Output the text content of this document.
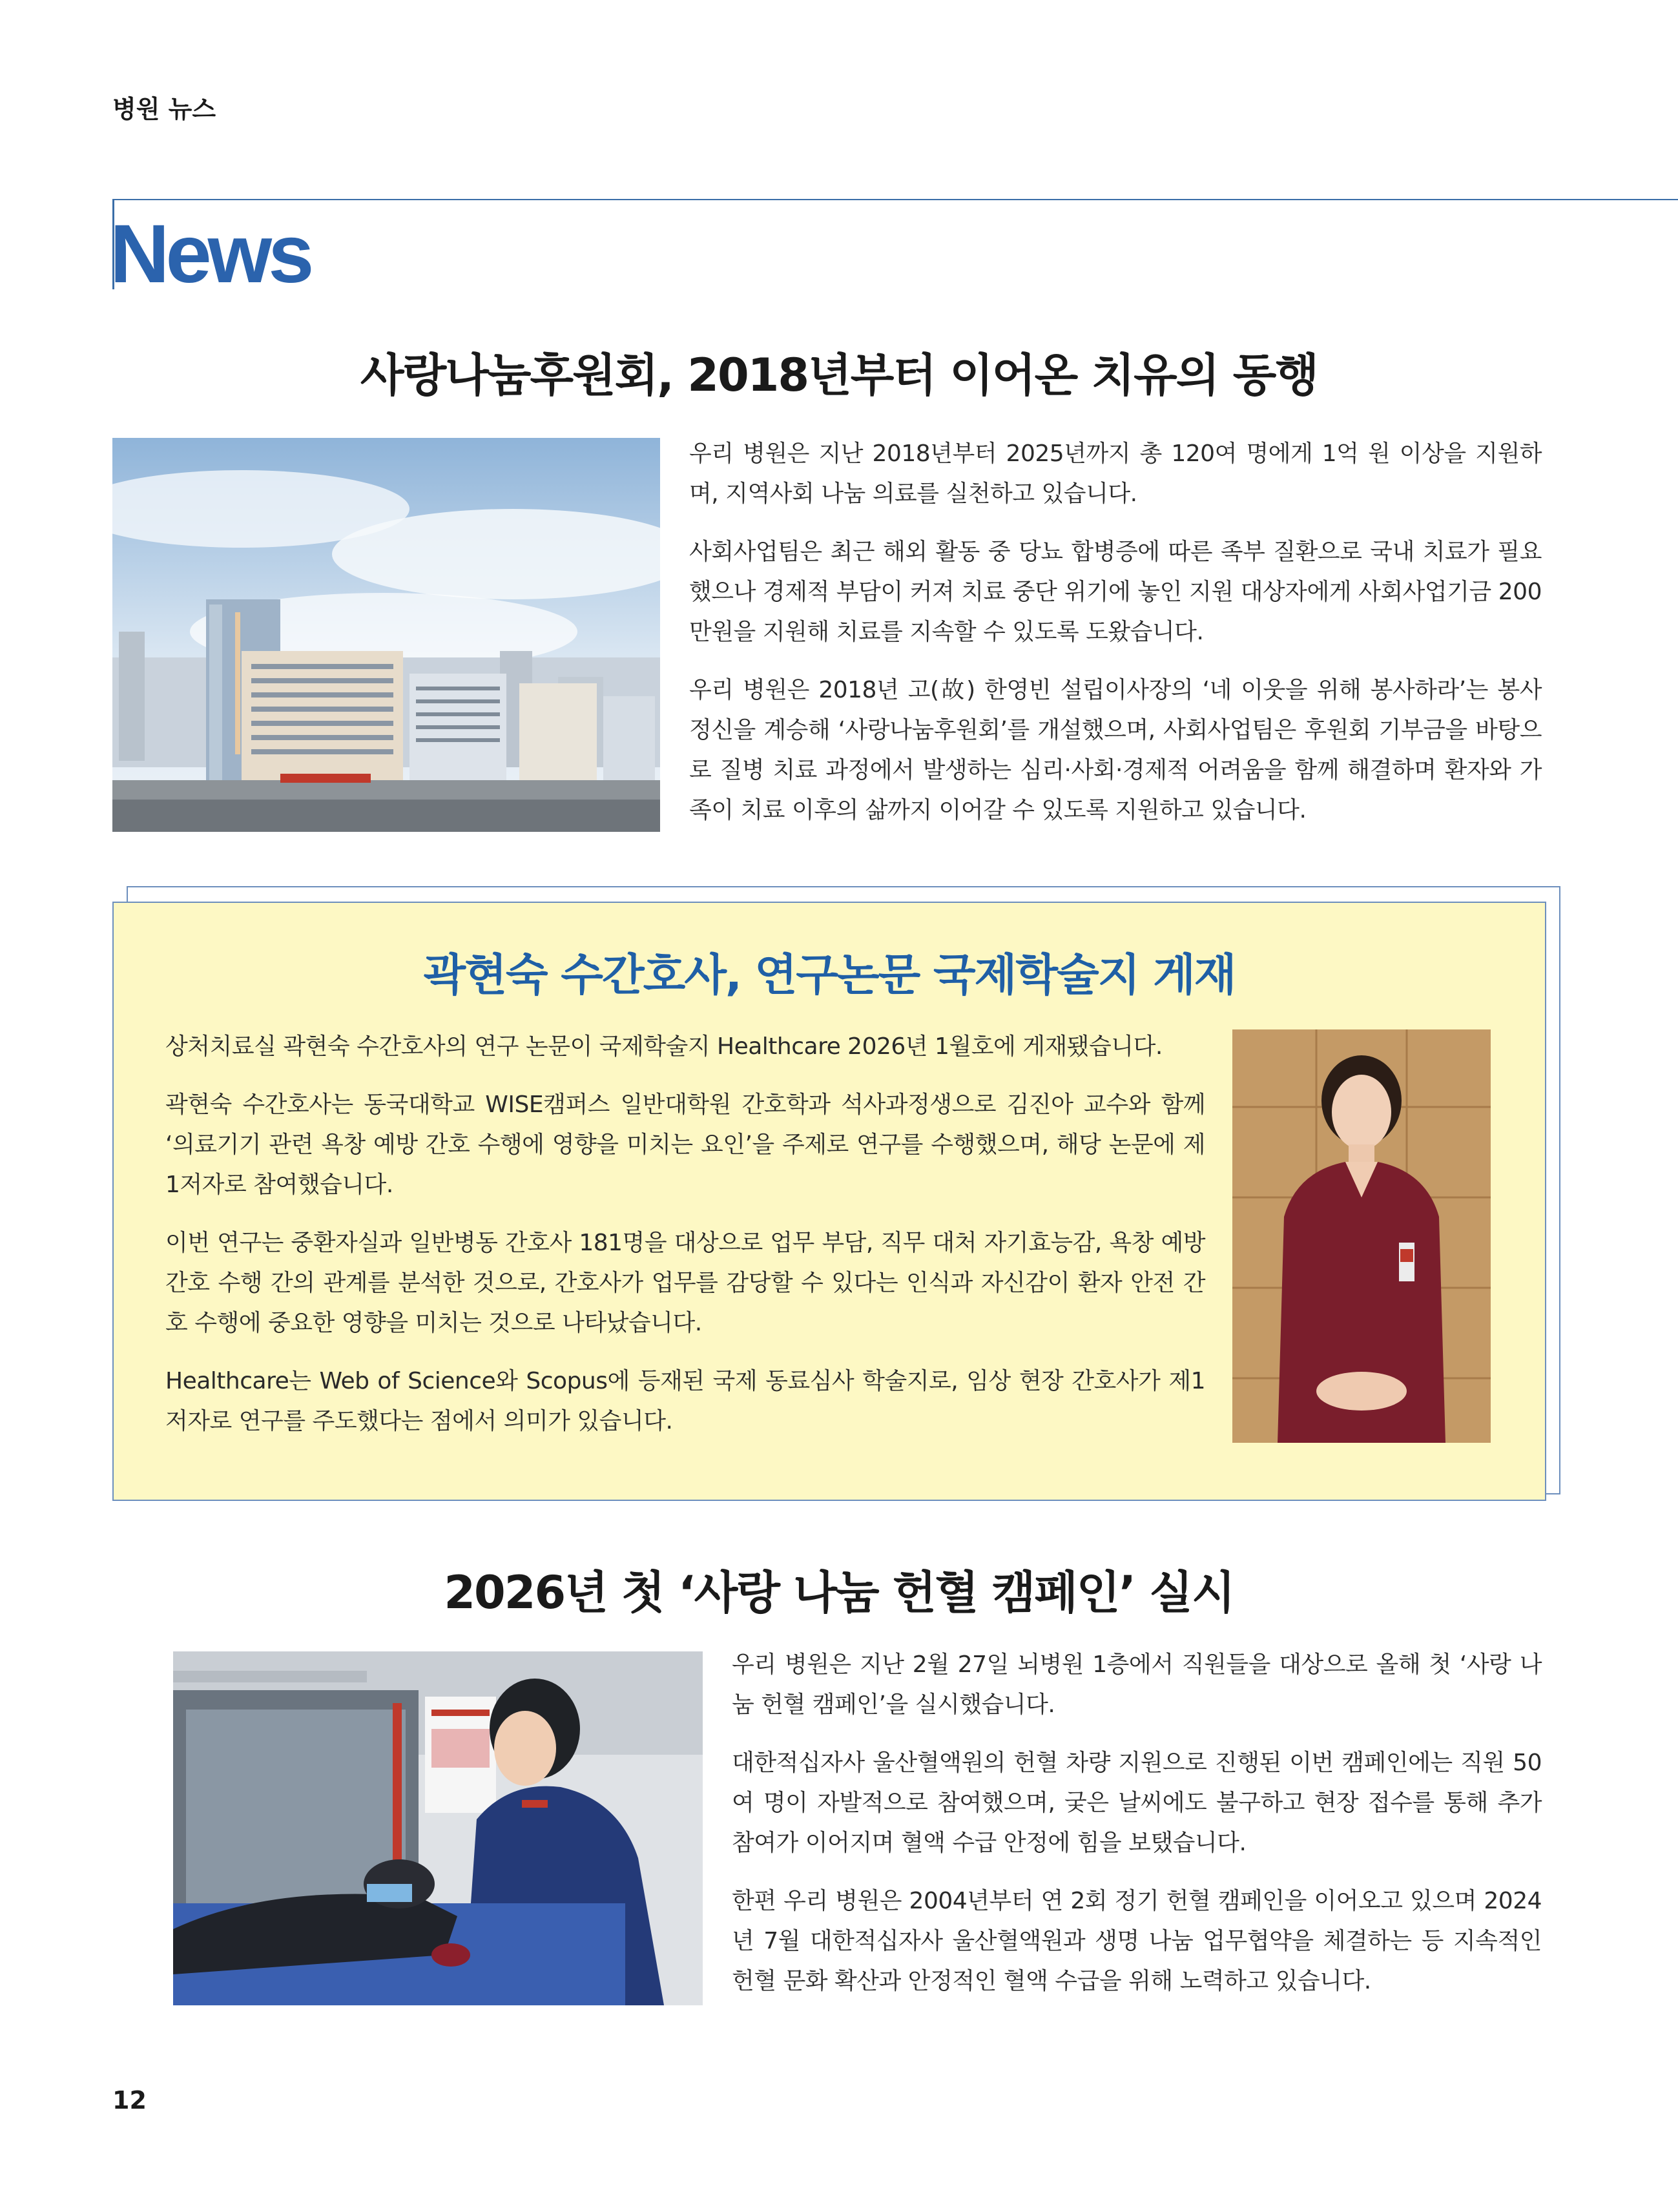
병원 뉴스
News
사랑나눔후원회, 2018년부터 이어온 치유의 동행

우리 병원은 지난 2018년부터 2025년까지 총 120여 명에게 1억 원 이상을 지원하며, 지역사회 나눔 의료를 실천하고 있습니다.

사회사업팀은 최근 해외 활동 중 당뇨 합병증에 따른 족부 질환으로 국내 치료가 필요했으나 경제적 부담이 커져 치료 중단 위기에 놓인 지원 대상자에게 사회사업기금 200만원을 지원해 치료를 지속할 수 있도록 도왔습니다.

우리 병원은 2018년 고(故) 한영빈 설립이사장의 ‘네 이웃을 위해 봉사하라’는 봉사 정신을 계승해 ‘사랑나눔후원회’를 개설했으며, 사회사업팀은 후원회 기부금을 바탕으로 질병 치료 과정에서 발생하는 심리·사회·경제적 어려움을 함께 해결하며 환자와 가족이 치료 이후의 삶까지 이어갈 수 있도록 지원하고 있습니다.

곽현숙 수간호사, 연구논문 국제학술지 게재

상처치료실 곽현숙 수간호사의 연구 논문이 국제학술지 Healthcare 2026년 1월호에 게재됐습니다.

곽현숙 수간호사는 동국대학교 WISE캠퍼스 일반대학원 간호학과 석사과정생으로 김진아 교수와 함께 ‘의료기기 관련 욕창 예방 간호 수행에 영향을 미치는 요인’을 주제로 연구를 수행했으며, 해당 논문에 제1저자로 참여했습니다.

이번 연구는 중환자실과 일반병동 간호사 181명을 대상으로 업무 부담, 직무 대처 자기효능감, 욕창 예방 간호 수행 간의 관계를 분석한 것으로, 간호사가 업무를 감당할 수 있다는 인식과 자신감이 환자 안전 간호 수행에 중요한 영향을 미치는 것으로 나타났습니다.

Healthcare는 Web of Science와 Scopus에 등재된 국제 동료심사 학술지로, 임상 현장 간호사가 제1저자로 연구를 주도했다는 점에서 의미가 있습니다.

2026년 첫 ‘사랑 나눔 헌혈 캠페인’ 실시

우리 병원은 지난 2월 27일 뇌병원 1층에서 직원들을 대상으로 올해 첫 ‘사랑 나눔 헌혈 캠페인’을 실시했습니다.

대한적십자사 울산혈액원의 헌혈 차량 지원으로 진행된 이번 캠페인에는 직원 50여 명이 자발적으로 참여했으며, 궂은 날씨에도 불구하고 현장 접수를 통해 추가 참여가 이어지며 혈액 수급 안정에 힘을 보탰습니다.

한편 우리 병원은 2004년부터 연 2회 정기 헌혈 캠페인을 이어오고 있으며 2024년 7월 대한적십자사 울산혈액원과 생명 나눔 업무협약을 체결하는 등 지속적인 헌혈 문화 확산과 안정적인 혈액 수급을 위해 노력하고 있습니다.

12
